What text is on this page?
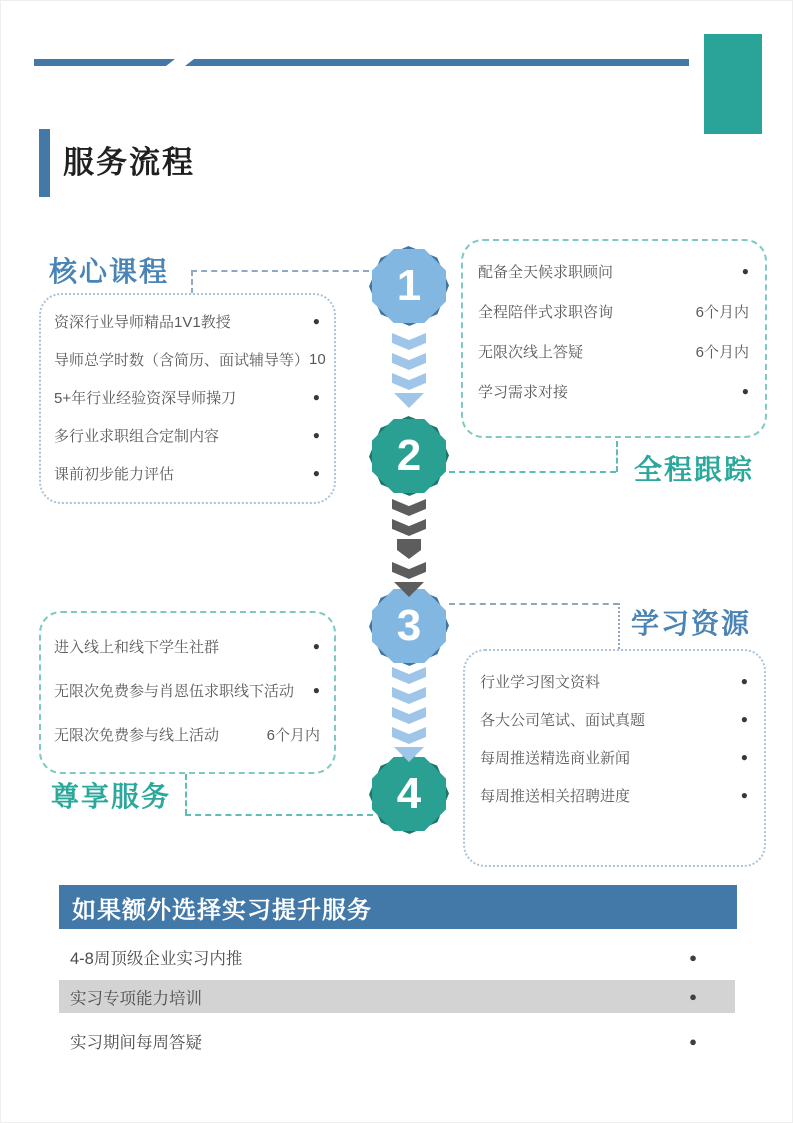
服务流程
核心课程
全程跟踪
学习资源
尊享服务
资深行业导师精品1V1教授	●
导师总学时数（含简历、面试辅导等） 10
5+年行业经验资深导师操刀	●
多行业求职组合定制内容	●
课前初步能力评估	●
配备全天候求职顾问	●
全程陪伴式求职咨询	6个月内
无限次线上答疑	6个月内
学习需求对接	●
进入线上和线下学生社群	●
无限次免费参与肖恩伍求职线下活动 ●
无限次免费参与线上活动	6个月内
行业学习图文资料	●
各大公司笔试、面试真题	●
每周推送精选商业新闻	●
每周推送相关招聘进度	●
1
2
3
4
如果额外选择实习提升服务
4-8周顶级企业实习内推	●
实习专项能力培训	●
实习期间每周答疑	●
